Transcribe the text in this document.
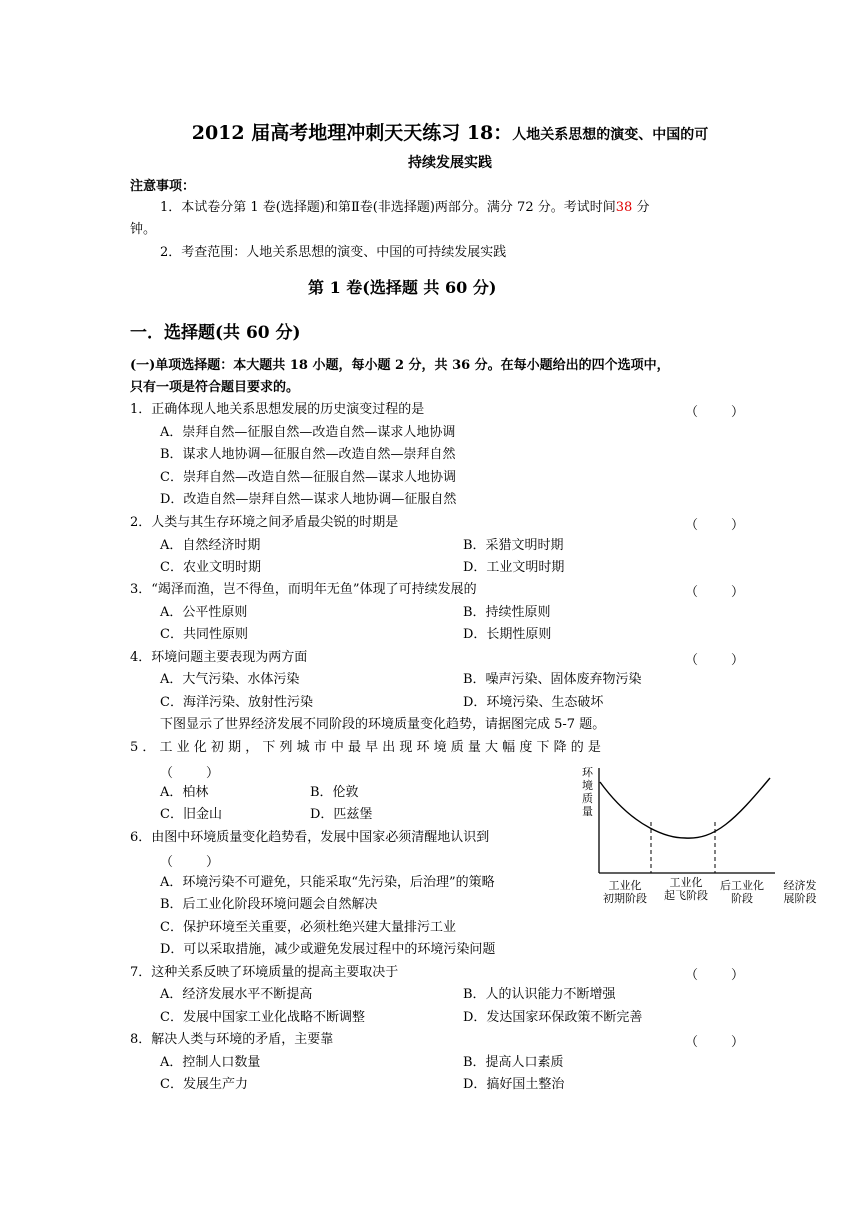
2012 届高考地理冲刺天天练习 18：人地关系思想的演变、中国的可
持续发展实践
注意事项：
1．本试卷分第 1 卷(选择题)和第Ⅱ卷(非选择题)两部分。满分 72 分。考试时间38 分
钟。
2．考查范围：人地关系思想的演变、中国的可持续发展实践
第 1 卷(选择题 共 60 分)
一．选择题(共 60 分)
(一)单项选择题：本大题共 18 小题，每小题 2 分，共 36 分。在每小题给出的四个选项中，
只有一项是符合题目要求的。
1．正确体现人地关系思想发展的历史演变过程的是	（        ）
A．崇拜自然—征服自然—改造自然—谋求人地协调
B．谋求人地协调—征服自然—改造自然—崇拜自然
C．崇拜自然—改造自然—征服自然—谋求人地协调
D．改造自然—崇拜自然—谋求人地协调—征服自然
2．人类与其生存环境之间矛盾最尖锐的时期是	（        ）
A．自然经济时期	B．采猎文明时期
C．农业文明时期	D．工业文明时期
3．“竭泽而渔，岂不得鱼，而明年无鱼”体现了可持续发展的	（        ）
A．公平性原则	B．持续性原则
C．共同性原则	D．长期性原则
4．环境问题主要表现为两方面	（        ）
A．大气污染、水体污染	B．噪声污染、固体废弃物污染
C．海洋污染、放射性污染	D．环境污染、生态破坏
下图显示了世界经济发展不同阶段的环境质量变化趋势，请据图完成 5-7 题。
5 ． 工 业 化 初 期 ， 下 列 城 市 中 最 早 出 现 环 境 质 量 大 幅 度 下 降 的 是
（        ）
A．柏林	B．伦敦
C．旧金山	D．匹兹堡
6．由图中环境质量变化趋势看，发展中国家必须清醒地认识到
（        ）
A．环境污染不可避免，只能采取“先污染，后治理”的策略
B．后工业化阶段环境问题会自然解决
C．保护环境至关重要，必须杜绝兴建大量排污工业
D．可以采取措施，减少或避免发展过程中的环境污染问题
7．这种关系反映了环境质量的提高主要取决于	（        ）
A．经济发展水平不断提高	B．人的认识能力不断增强
C．发展中国家工业化战略不断调整	D．发达国家环保政策不断完善
8．解决人类与环境的矛盾，主要靠	（        ）
A．控制人口数量	B．提高人口素质
C．发展生产力	D．搞好国土整治
环
境
质
量
工业化
初期阶段
工业化
起飞阶段
后工业化
阶段
经济发
展阶段
